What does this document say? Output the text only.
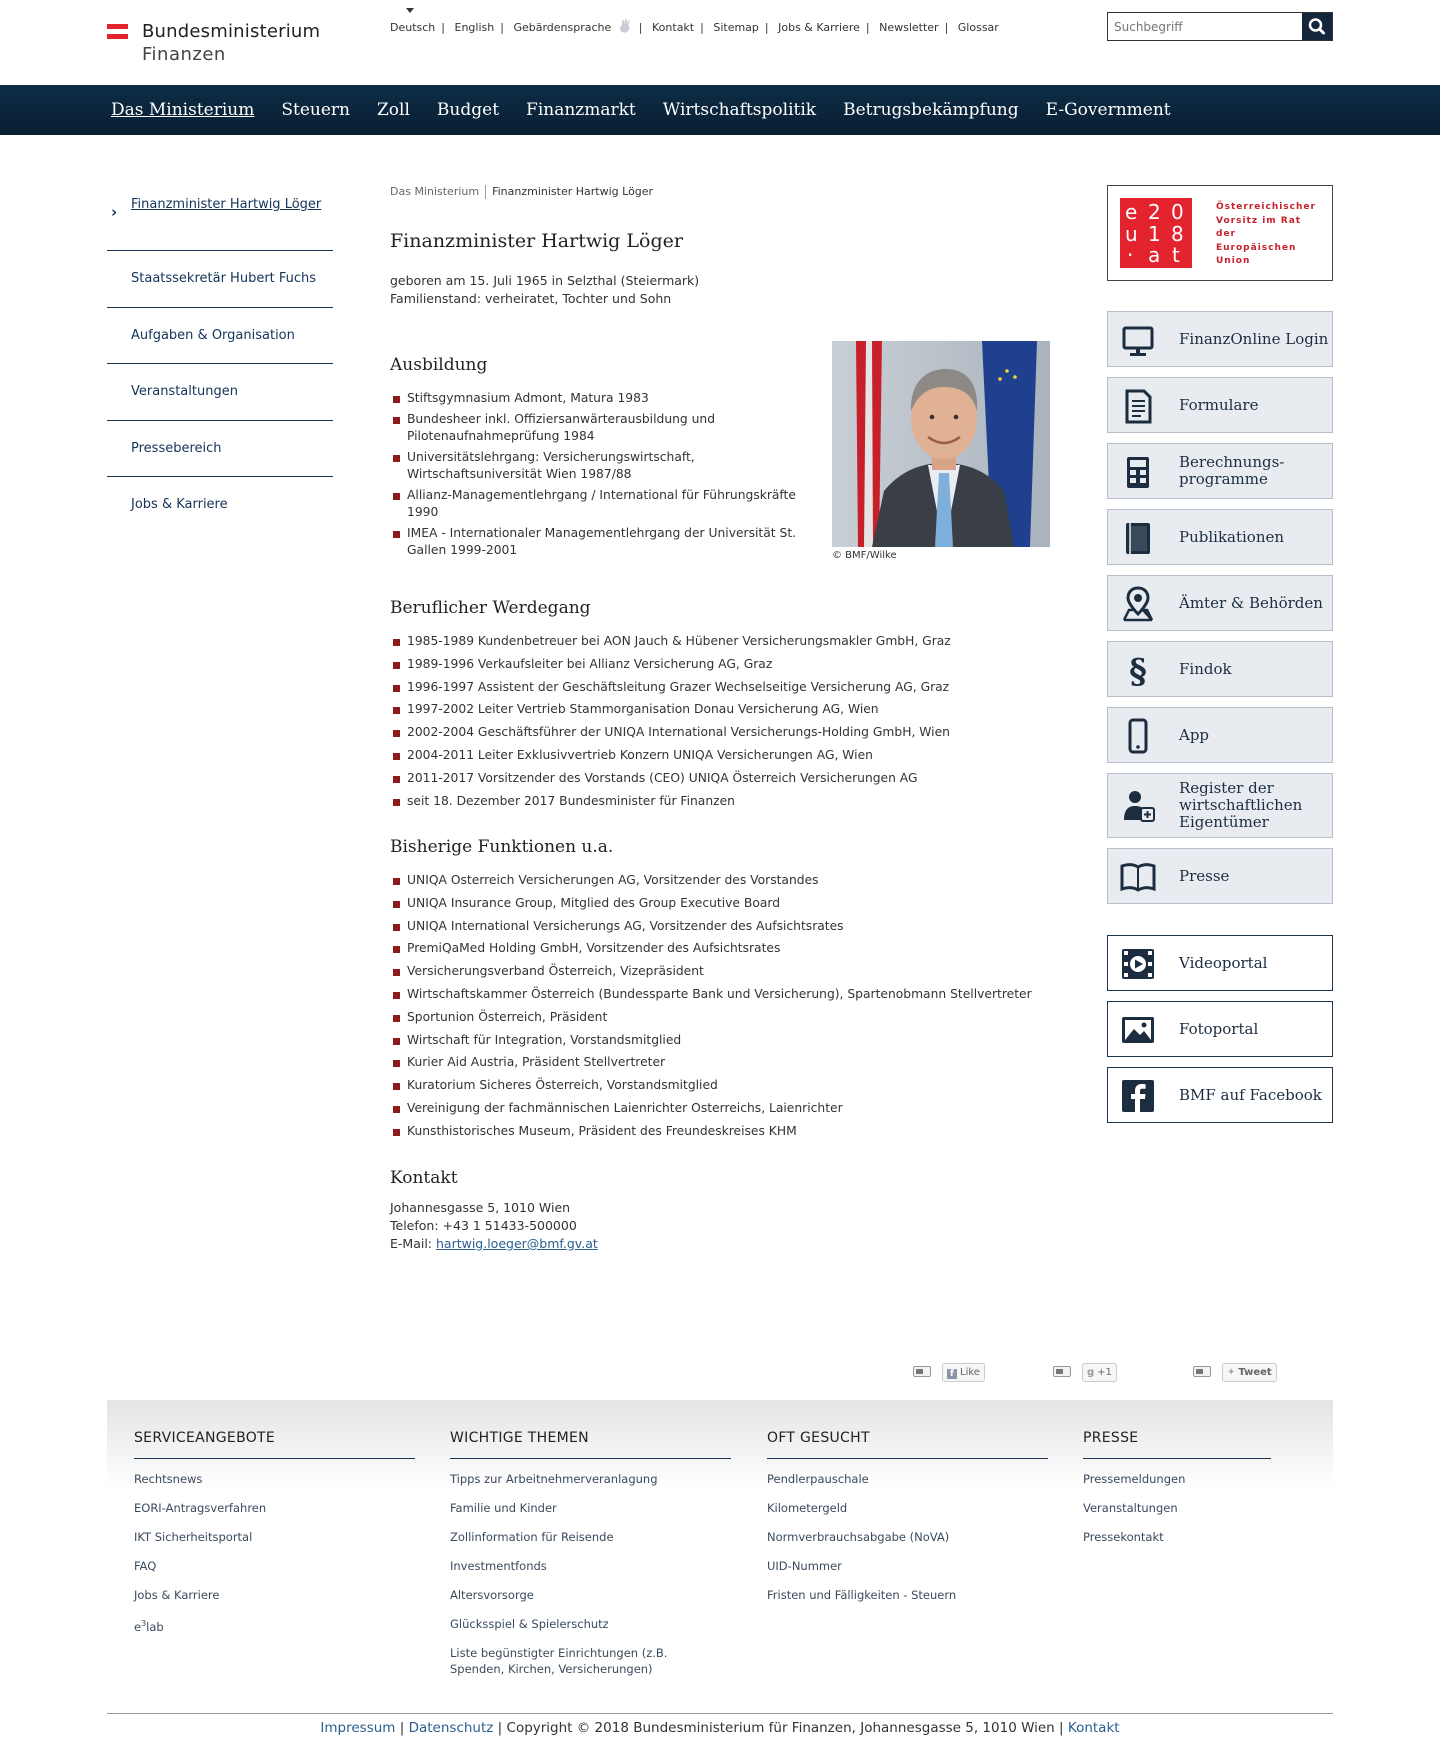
Bundesministerium
Finanzen
Deutsch | English | Gebärdensprache	| Kontakt | Sitemap | Jobs & Karriere | Newsletter | Glossar
Suchbegriff
Das Ministerium Steuern Zoll Budget Finanzmarkt Wirtschaftspolitik Betrugsbekämpfung E-Government
› Finanzminister Hartwig Löger
Staatssekretär Hubert Fuchs
Aufgaben & Organisation
Veranstaltungen
Pressebereich
Jobs & Karriere
Das Ministerium Finanzminister Hartwig Löger
Finanzminister Hartwig Löger

geboren am 15. Juli 1965 in Selzthal (Steiermark)

Familienstand: verheiratet, Tochter und Sohn

© BMF/Wilke
Ausbildung
Stiftsgymnasium Admont, Matura 1983
Bundesheer inkl. Offiziersanwärterausbildung und Pilotenaufnahmeprüfung 1984
Universitätslehrgang: Versicherungswirtschaft, Wirtschaftsuniversität Wien 1987/88
Allianz-Managementlehrgang / International für Führungskräfte 1990
IMEA - Internationaler Managementlehrgang der Universität St. Gallen 1999-2001
Beruflicher Werdegang
1985-1989 Kundenbetreuer bei AON Jauch & Hübener Versicherungsmakler GmbH, Graz
1989-1996 Verkaufsleiter bei Allianz Versicherung AG, Graz
1996-1997 Assistent der Geschäftsleitung Grazer Wechselseitige Versicherung AG, Graz
1997-2002 Leiter Vertrieb Stammorganisation Donau Versicherung AG, Wien
2002-2004 Geschäftsführer der UNIQA International Versicherungs-Holding GmbH, Wien
2004-2011 Leiter Exklusivvertrieb Konzern UNIQA Versicherungen AG, Wien
2011-2017 Vorsitzender des Vorstands (CEO) UNIQA Österreich Versicherungen AG
seit 18. Dezember 2017 Bundesminister für Finanzen
Bisherige Funktionen u.a.
UNIQA Osterreich Versicherungen AG, Vorsitzender des Vorstandes
UNIQA Insurance Group, Mitglied des Group Executive Board
UNIQA International Versicherungs AG, Vorsitzender des Aufsichtsrates
PremiQaMed Holding GmbH, Vorsitzender des Aufsichtsrates
Versicherungsverband Österreich, Vizepräsident
Wirtschaftskammer Österreich (Bundessparte Bank und Versicherung), Spartenobmann Stellvertreter
Sportunion Österreich, Präsident
Wirtschaft für Integration, Vorstandsmitglied
Kurier Aid Austria, Präsident Stellvertreter
Kuratorium Sicheres Österreich, Vorstandsmitglied
Vereinigung der fachmännischen Laienrichter Osterreichs, Laienrichter
Kunsthistorisches Museum, Präsident des Freundeskreises KHM
Kontakt

Johannesgasse 5, 1010 Wien

Telefon: +43 1 51433-500000

E-Mail: hartwig.loeger@bmf.gv.at

e 2 0
u 1 8
· a t
Österreichischer
Vorsitz im Rat
der
Europäischen
Union
FinanzOnline Login
Formulare
Berechnungs-programme
Publikationen
Ämter & Behörden
§ Findok
App
Register der wirtschaftlichen Eigentümer
Presse
Videoportal
Fotoportal
BMF auf Facebook
f Like	g +1	✦ Tweet
SERVICEANGEBOTE
Rechtsnews
EORI-Antragsverfahren
IKT Sicherheitsportal
FAQ
Jobs & Karriere
$e^3lab$
WICHTIGE THEMEN
Tipps zur Arbeitnehmerveranlagung
Familie und Kinder
Zollinformation für Reisende
Investmentfonds
Altersvorsorge
Glücksspiel & Spielerschutz
Liste begünstigter Einrichtungen (z.B. Spenden, Kirchen, Versicherungen)
OFT GESUCHT
Pendlerpauschale
Kilometergeld
Normverbrauchsabgabe (NoVA)
UID-Nummer
Fristen und Fälligkeiten - Steuern
PRESSE
Pressemeldungen
Veranstaltungen
Pressekontakt
Impressum | Datenschutz | Copyright © 2018 Bundesministerium für Finanzen, Johannesgasse 5, 1010 Wien | Kontakt
